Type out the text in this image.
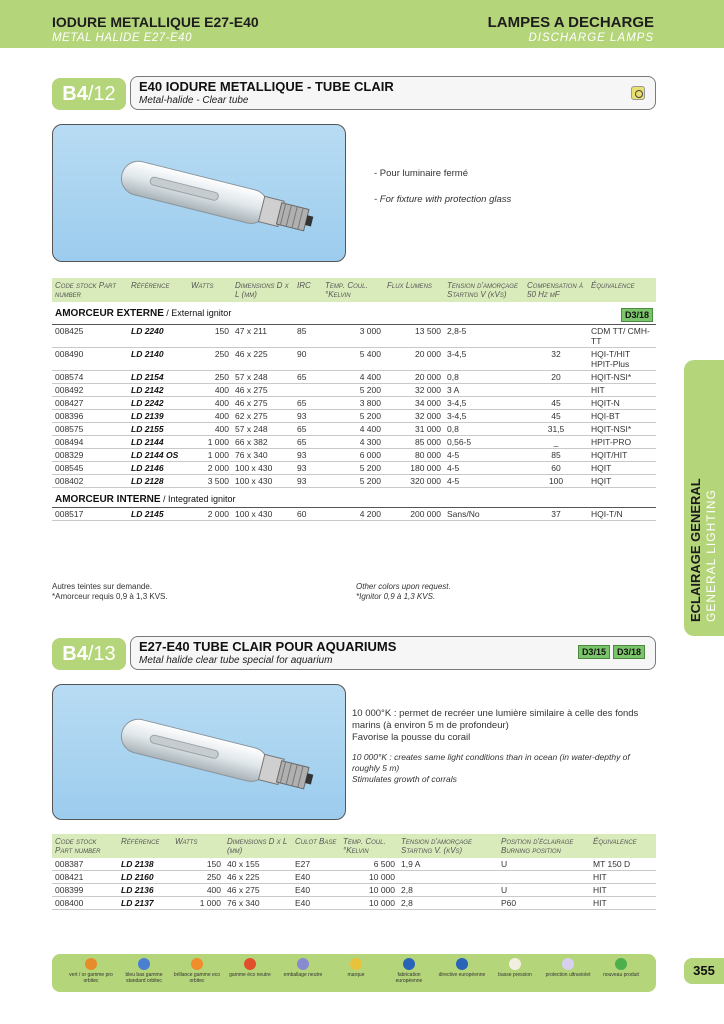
IODURE METALLIQUE E27-E40
METAL HALIDE E27-E40
LAMPES A DECHARGE
DISCHARGE LAMPS
B4/12	E40 IODURE METALLIQUE - TUBE CLAIR
Metal-halide - Clear tube
- Pour luminaire fermé
- For fixture with protection glass
Code stock Part number	Référence	Watts	Dimensions D x L (mm)	IRC	Temp. Coul. °Kelvin	Flux Lumens	Tension d'amorçage Starting V (kVs)	Compensation à 50 Hz µF	Équivalence
AMORCEUR EXTERNE / External ignitor									D3/18
008425	LD 2240	150	47 x 211	85	3 000	13 500	2,8-5		CDM TT/ CMH-TT
008490	LD 2140	250	46 x 225	90	5 400	20 000	3-4,5	32	HQI-T/HIT HPIT-Plus
008574	LD 2154	250	57 x 248	65	4 400	20 000	0,8	20	HQIT-NSI*
008492	LD 2142	400	46 x 275		5 200	32 000	3 A		HIT
008427	LD 2242	400	46 x 275	65	3 800	34 000	3-4,5	45	HQIT-N
008396	LD 2139	400	62 x 275	93	5 200	32 000	3-4,5	45	HQI-BT
008575	LD 2155	400	57 x 248	65	4 400	31 000	0,8	31,5	HQIT-NSI*
008494	LD 2144	1 000	66 x 382	65	4 300	85 000	0,56-5	_	HPIT-PRO
008329	LD 2144 OS	1 000	76 x 340	93	6 000	80 000	4-5	85	HQIT/HIT
008545	LD 2146	2 000	100 x 430	93	5 200	180 000	4-5	60	HQIT
008402	LD 2128	3 500	100 x 430	93	5 200	320 000	4-5	100	HQIT
AMORCEUR INTERNE / Integrated ignitor									
008517	LD 2145	2 000	100 x 430	60	4 200	200 000	Sans/No	37	HQI-T/N
Autres teintes sur demande.
*Amorceur requis 0,9 à 1,3 KVS.
Other colors upon request.
*Ignitor 0,9 à 1,3 KVS.
B4/13	E27-E40 TUBE CLAIR POUR AQUARIUMS
Metal halide clear tube special for aquarium
D3/15	D3/18
10 000°K : permet de recréer une lumière similaire à celle des fonds marins (à environ 5 m de profondeur)
Favorise la pousse du corail
10 000°K : creates same light conditions than in ocean (in water-depthy of roughly 5 m)
Stimulates growth of corrals
Code stock Part number	Référence	Watts	Dimensions D x L (mm)	Culot Base	Temp. Coul. °Kelvin	Tension d'amorçage Starting V. (kVs)	Position d'éclairage Burning position	Équivalence
008387	LD 2138	150	40 x 155	E27	6 500	1,9 A	U	MT 150 D
008421	LD 2160	250	46 x 225	E40	10 000			HIT
008399	LD 2136	400	46 x 275	E40	10 000	2,8	U	HIT
008400	LD 2137	1 000	76 x 340	E40	10 000	2,8	P60	HIT
ECLAIRAGE GENERAL GENERAL LIGHTING
vert / or gamme pro orbitec
bleu bas gamme standard orbitec
brillance gamme eco orbitec
gamme éco neutre	emballage neutre	marque	fabrication européenne
directive européenne	basse pression	protection ultraviolet	nouveau produit	355
